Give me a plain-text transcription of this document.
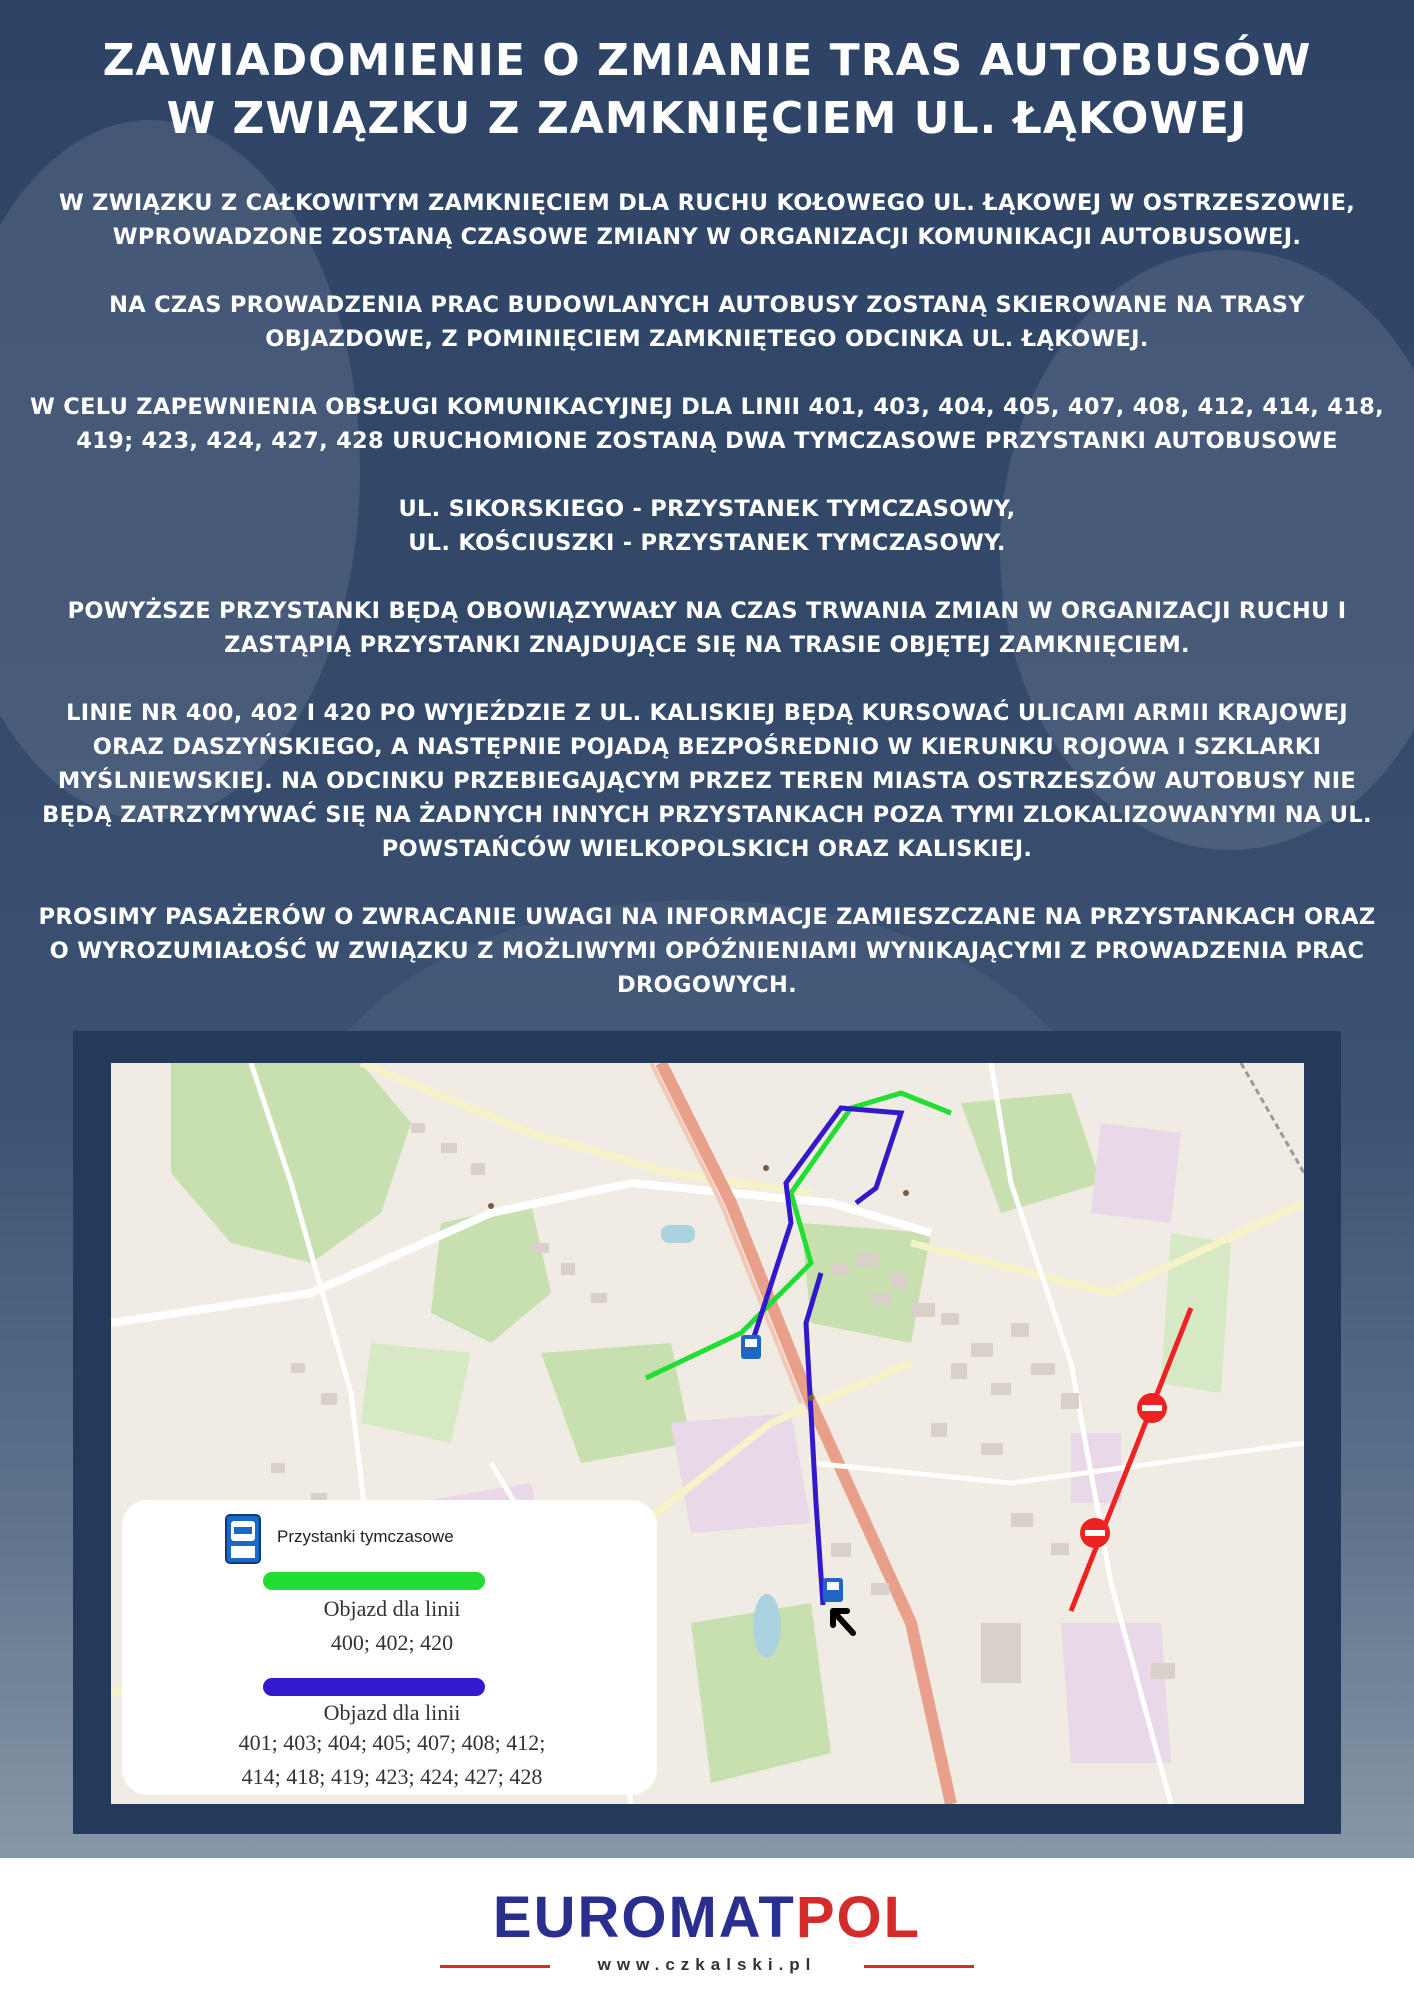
ZAWIADOMIENIE O ZMIANIE TRAS AUTOBUSÓW
W ZWIĄZKU Z ZAMKNIĘCIEM UL. ŁĄKOWEJ

W ZWIĄZKU Z CAŁKOWITYM ZAMKNIĘCIEM DLA RUCHU KOŁOWEGO UL. ŁĄKOWEJ W OSTRZESZOWIE, WPROWADZONE ZOSTANĄ CZASOWE ZMIANY W ORGANIZACJI KOMUNIKACJI AUTOBUSOWEJ.

NA CZAS PROWADZENIA PRAC BUDOWLANYCH AUTOBUSY ZOSTANĄ SKIEROWANE NA TRASY OBJAZDOWE, Z POMINIĘCIEM ZAMKNIĘTEGO ODCINKA UL. ŁĄKOWEJ.

W CELU ZAPEWNIENIA OBSŁUGI KOMUNIKACYJNEJ DLA LINII 401, 403, 404, 405, 407, 408, 412, 414, 418, 419; 423, 424, 427, 428 URUCHOMIONE ZOSTANĄ DWA TYMCZASOWE PRZYSTANKI AUTOBUSOWE

UL. SIKORSKIEGO - PRZYSTANEK TYMCZASOWY,
UL. KOŚCIUSZKI - PRZYSTANEK TYMCZASOWY.

POWYŻSZE PRZYSTANKI BĘDĄ OBOWIĄZYWAŁY NA CZAS TRWANIA ZMIAN W ORGANIZACJI RUCHU I ZASTĄPIĄ PRZYSTANKI ZNAJDUJĄCE SIĘ NA TRASIE OBJĘTEJ ZAMKNIĘCIEM.

LINIE NR 400, 402 I 420 PO WYJEŹDZIE Z UL. KALISKIEJ BĘDĄ KURSOWAĆ ULICAMI ARMII KRAJOWEJ ORAZ DASZYŃSKIEGO, A NASTĘPNIE POJADĄ BEZPOŚREDNIO W KIERUNKU ROJOWA I SZKLARKI MYŚLNIEWSKIEJ. NA ODCINKU PRZEBIEGAJĄCYM PRZEZ TEREN MIASTA OSTRZESZÓW AUTOBUSY NIE BĘDĄ ZATRZYMYWAĆ SIĘ NA ŻADNYCH INNYCH PRZYSTANKACH POZA TYMI ZLOKALIZOWANYMI NA UL. POWSTAŃCÓW WIELKOPOLSKICH ORAZ KALISKIEJ.

PROSIMY PASAŻERÓW O ZWRACANIE UWAGI NA INFORMACJE ZAMIESZCZANE NA PRZYSTANKACH ORAZ O WYROZUMIAŁOŚĆ W ZWIĄZKU Z MOŻLIWYMI OPÓŹNIENIAMI WYNIKAJĄCYMI Z PROWADZENIA PRAC DROGOWYCH.

Przystanki tymczasowe
Objazd dla linii
400; 402; 420
Objazd dla linii
401; 403; 404; 405; 407; 408; 412;
414; 418; 419; 423; 424; 427; 428
EUROMATPOL
www.czkalski.pl
